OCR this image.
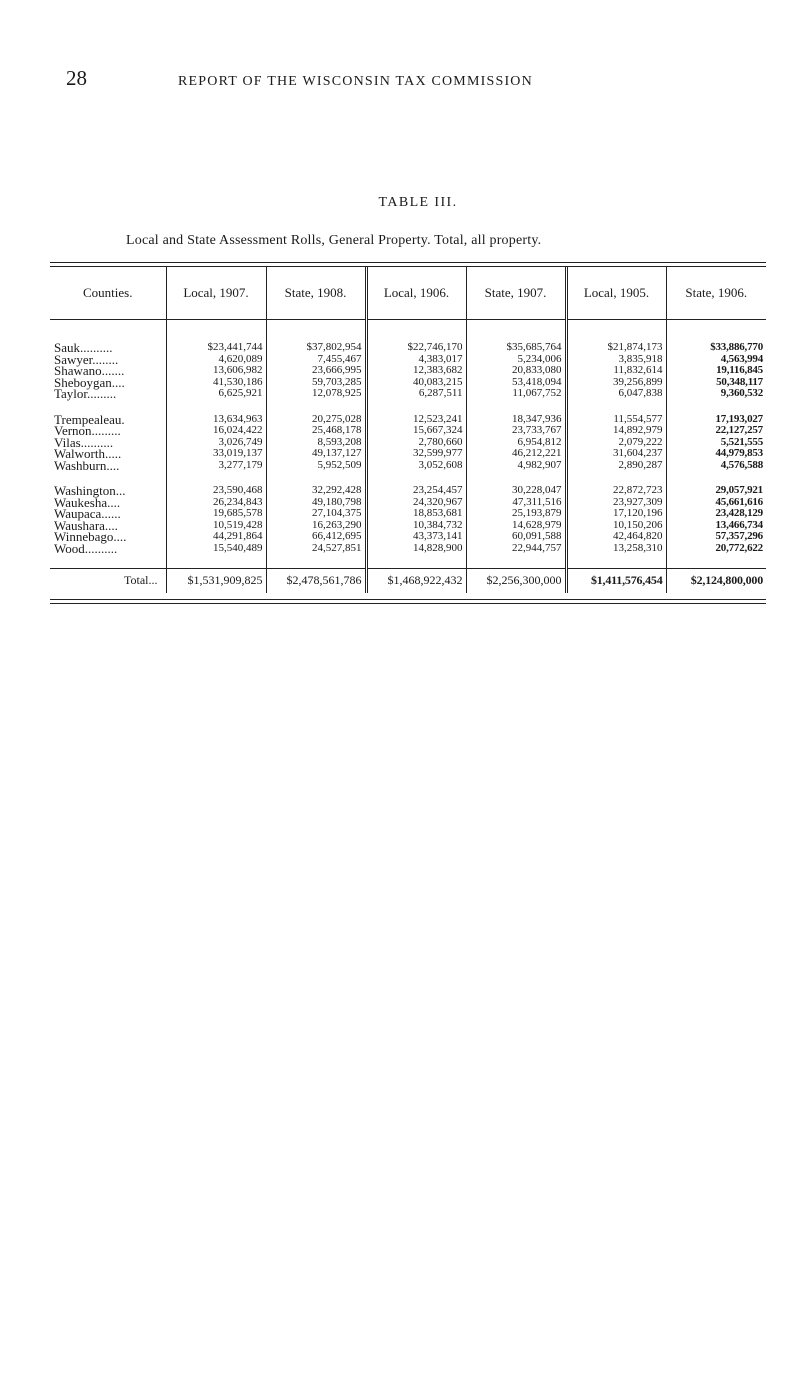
28	REPORT OF THE WISCONSIN TAX COMMISSION
TABLE III.
Local and State Assessment Rolls, General Property. Total, all property.
Counties.	Local, 1907.	State, 1908.	Local, 1906.	State, 1907.	Local, 1905.	State, 1906.

Sauk..........	$23,441,744	$37,802,954	$22,746,170	$35,685,764	$21,874,173	$33,886,770
Sawyer........	4,620,089	7,455,467	4,383,017	5,234,006	3,835,918	4,563,994
Shawano.......	13,606,982	23,666,995	12,383,682	20,833,080	11,832,614	19,116,845
Sheboygan....	41,530,186	59,703,285	40,083,215	53,418,094	39,256,899	50,348,117
Taylor.........	6,625,921	12,078,925	6,287,511	11,067,752	6,047,838	9,360,532

Trempealeau.	13,634,963	20,275,028	12,523,241	18,347,936	11,554,577	17,193,027
Vernon.........	16,024,422	25,468,178	15,667,324	23,733,767	14,892,979	22,127,257
Vilas..........	3,026,749	8,593,208	2,780,660	6,954,812	2,079,222	5,521,555
Walworth.....	33,019,137	49,137,127	32,599,977	46,212,221	31,604,237	44,979,853
Washburn....	3,277,179	5,952,509	3,052,608	4,982,907	2,890,287	4,576,588

Washington...	23,590,468	32,292,428	23,254,457	30,228,047	22,872,723	29,057,921
Waukesha....	26,234,843	49,180,798	24,320,967	47,311,516	23,927,309	45,661,616
Waupaca......	19,685,578	27,104,375	18,853,681	25,193,879	17,120,196	23,428,129
Waushara....	10,519,428	16,263,290	10,384,732	14,628,979	10,150,206	13,466,734
Winnebago....	44,291,864	66,412,695	43,373,141	60,091,588	42,464,820	57,357,296
Wood..........	15,540,489	24,527,851	14,828,900	22,944,757	13,258,310	20,772,622

Total...	$1,531,909,825	$2,478,561,786	$1,468,922,432	$2,256,300,000	$1,411,576,454	$2,124,800,000
